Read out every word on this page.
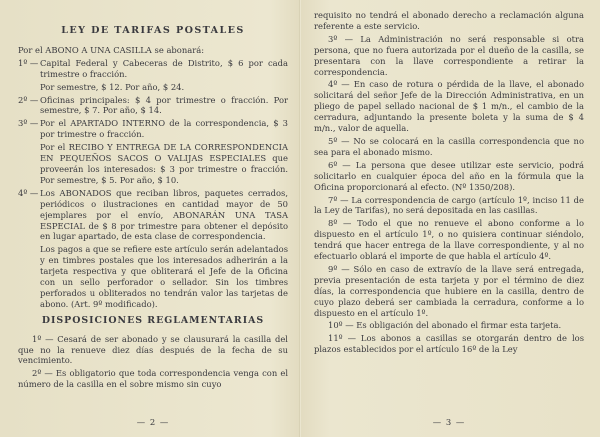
LEY DE TARIFAS POSTALES

Por el ABONO A UNA CASILLA se abonará:

1º — Capital Federal y Cabeceras de Distrito, $ 6 por cada trimestre o fracción.

Por semestre, $ 12. Por año, $ 24.

2º — Oficinas principales: $ 4 por trimestre o fracción. Por semestre, $ 7. Por año, $ 14.
3º — Por el APARTADO INTERNO de la correspondencia, $ 3 por trimestre o fracción.

Por el RECIBO Y ENTREGA DE LA CORRESPONDENCIA EN PEQUEÑOS SACOS O VALIJAS ESPECIALES que proveerán los interesados: $ 3 por trimestre o fracción. Por semestre, $ 5. Por año, $ 10.

4º — Los ABONADOS que reciban libros, paquetes cerrados, periódicos o ilustraciones en cantidad mayor de 50 ejemplares por el envío, ABONARÁN UNA TASA ESPECIAL de $ 8 por trimestre para obtener el depósito en lugar apartado, de esta clase de correspondencia.

Los pagos a que se refiere este artículo serán adelantados y en timbres postales que los interesados adherirán a la tarjeta respectiva y que obliterará el Jefe de la Oficina con un sello perforador o sellador. Sin los timbres perforados u obliterados no tendrán valor las tarjetas de abono. (Art. 9º modificado).

DISPOSICIONES REGLAMENTARIAS

1º — Cesará de ser abonado y se clausurará la casilla del que no la renueve diez días después de la fecha de su vencimiento.

2º — Es obligatorio que toda correspondencia venga con el número de la casilla en el sobre mismo sin cuyo

— 2 —

requisito no tendrá el abonado derecho a reclamación alguna referente a este servicio.

3º — La Administración no será responsable si otra persona, que no fuera autorizada por el dueño de la casilla, se presentara con la llave correspondiente a retirar la correspondencia.

4º — En caso de rotura o pérdida de la llave, el abonado solicitará del señor Jefe de la Dirección Administrativa, en un pliego de papel sellado nacional de $ 1 m/n., el cambio de la cerradura, adjuntando la presente boleta y la suma de $ 4 m/n., valor de aquella.

5º — No se colocará en la casilla correspondencia que no sea para el abonado mismo.

6º — La persona que desee utilizar este servicio, podrá solicitarlo en cualquier época del año en la fórmula que la Oficina proporcionará al efecto. (Nº 1350/208).

7º — La correspondencia de cargo (artículo 1º, inciso 11 de la Ley de Tarifas), no será depositada en las casillas.

8º — Todo el que no renueve el abono conforme a lo dispuesto en el artículo 1º, o no quisiera continuar siéndolo, tendrá que hacer entrega de la llave correspondiente, y al no efectuarlo oblará el importe de que habla el artículo 4º.

9º — Sólo en caso de extravío de la llave será entregada, previa presentación de esta tarjeta y por el término de diez días, la correspondencia que hubiere en la casilla, dentro de cuyo plazo deberá ser cambiada la cerradura, conforme a lo dispuesto en el artículo 1º.

10º — Es obligación del abonado el firmar esta tarjeta.

11º — Los abonos a casillas se otorgarán dentro de los plazos establecidos por el artículo 16º de la Ley

— 3 —
